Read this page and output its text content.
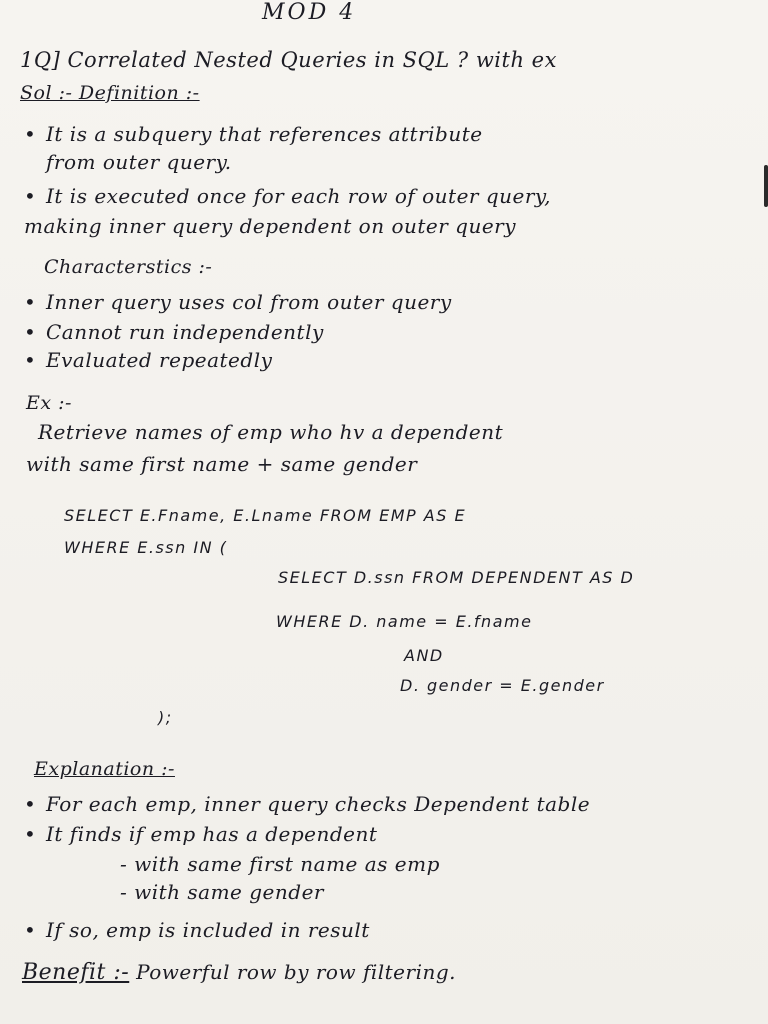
MOD 4
1Q] Correlated Nested Queries in SQL ? with ex
Sol :- Definition :-
• It is a subquery that references attribute
from outer query.
• It is executed once for each row of outer query,
making inner query dependent on outer query
Characterstics :-
• Inner query uses col from outer query
• Cannot run independently
• Evaluated repeatedly
Ex :-
Retrieve names of emp who hv a dependent
with same first name + same gender
SELECT E.Fname, E.Lname FROM EMP AS E
WHERE E.ssn IN (
SELECT D.ssn FROM DEPENDENT AS D
WHERE D. name = E.fname
AND
D. gender = E.gender
);
Explanation :-
• For each emp, inner query checks Dependent table
• It finds if emp has a dependent
- with same first name as emp
- with same gender
• If so, emp is included in result
Benefit :- Powerful row by row filtering.
